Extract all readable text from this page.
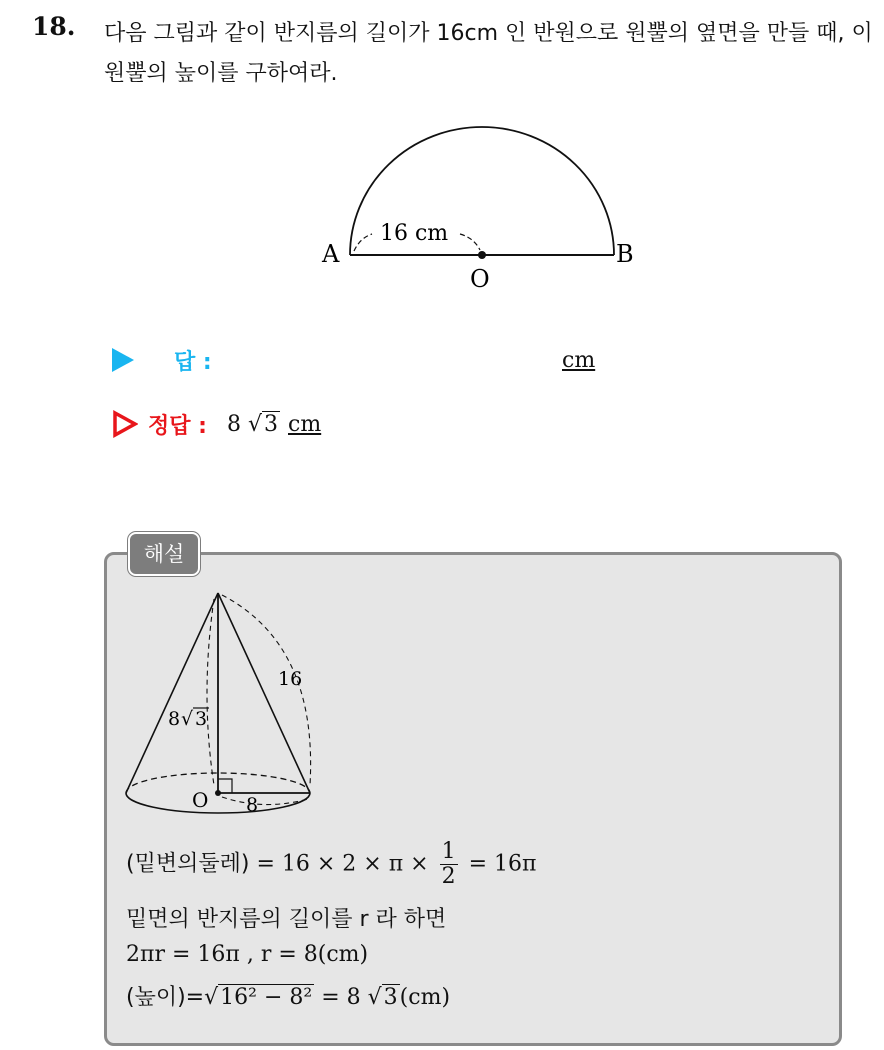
18. 다음 그림과 같이 반지름의 길이가 16cm 인 반원으로 원뿔의 옆면을 만들 때, 이 원뿔의 높이를 구하여라.
A	B
O
16 cm
답 :	cm
정답 : 8 √3 cm
해설
16
8 √ 3
O 8
(밑변의둘레) = $16 \times 2 \times \pi \times \frac{1}{2} = 16\pi$
밑면의 반지름의 길이를 r 라 하면
2πr = 16π , r = 8(cm)
(높이)=√16² − 8² = 8 √3(cm)
